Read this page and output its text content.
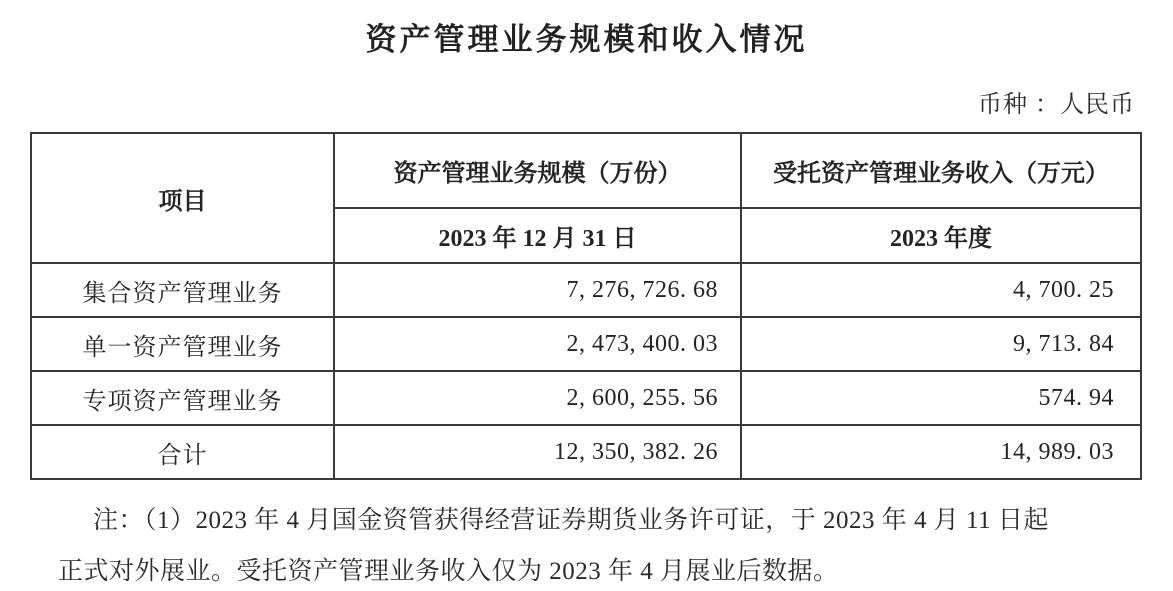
资产管理业务规模和收入情况
币种 ：人民币
项目	资产管理业务规模（万份）	受托资产管理业务收入（万元）
	2023 年 12 月 31 日	2023 年度
集合资产管理业务	7, 276, 726. 68	4, 700. 25
单一资产管理业务	2, 473, 400. 03	9, 713. 84
专项资产管理业务	2, 600, 255. 56	574. 94
合计	12, 350, 382. 26	14, 989. 03
注：（1）2023 年 4 月国金资管获得经营证券期货业务许可证，于 2023 年 4 月 11 日起
正式对外展业。受托资产管理业务收入仅为 2023 年 4 月展业后数据。
